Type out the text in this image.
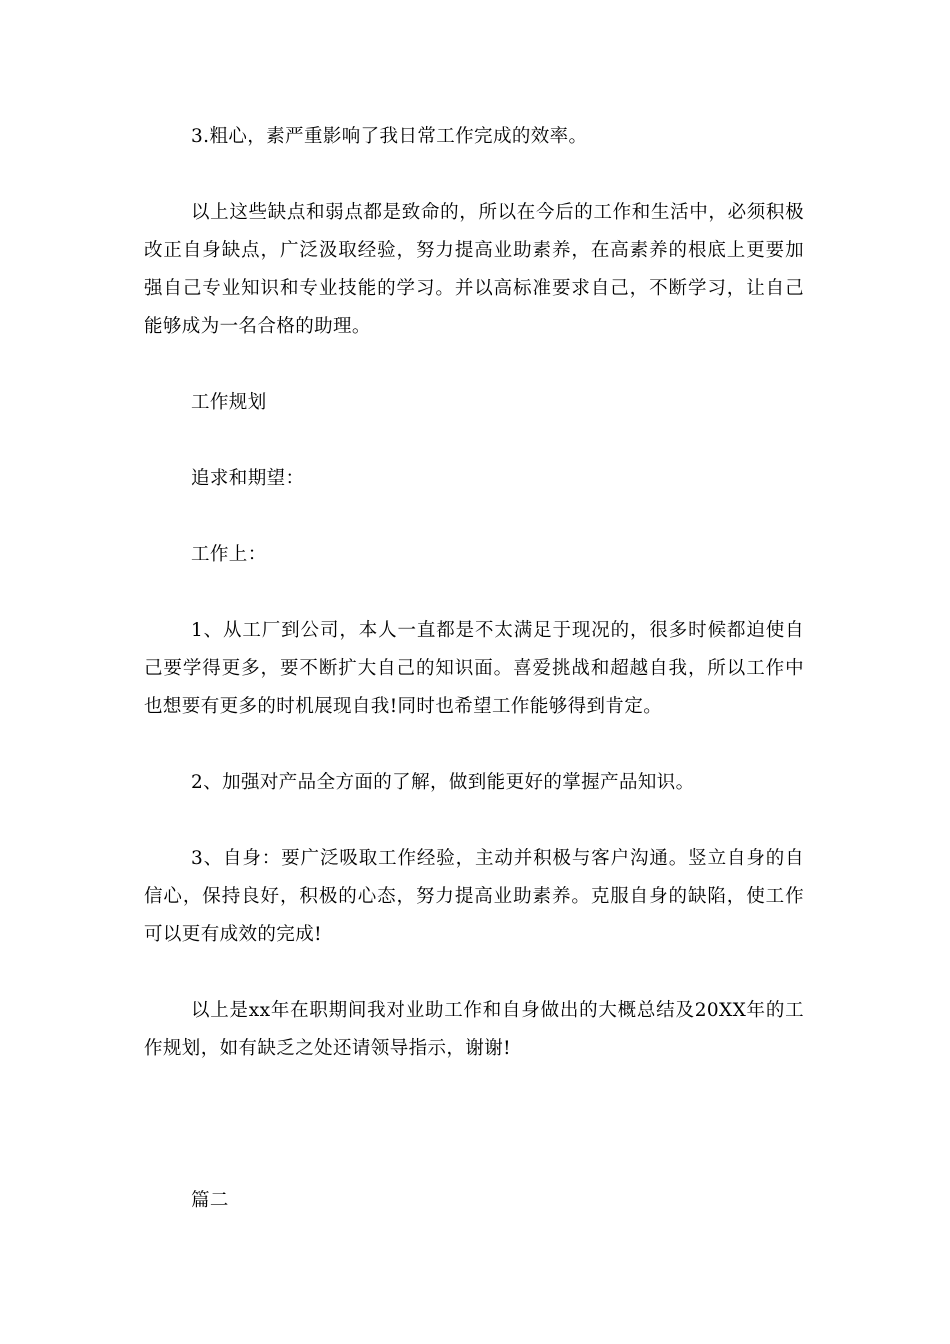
3.粗心，素严重影响了我日常工作完成的效率。

以上这些缺点和弱点都是致命的，所以在今后的工作和生活中，必须积极改正自身缺点，广泛汲取经验，努力提高业助素养，在高素养的根底上更要加强自己专业知识和专业技能的学习。并以高标准要求自己，不断学习，让自己能够成为一名合格的助理。

工作规划

追求和期望：

工作上：

1、从工厂到公司，本人一直都是不太满足于现况的，很多时候都迫使自己要学得更多，要不断扩大自己的知识面。喜爱挑战和超越自我，所以工作中也想要有更多的时机展现自我!同时也希望工作能够得到肯定。

2、加强对产品全方面的了解，做到能更好的掌握产品知识。

3、自身：要广泛吸取工作经验，主动并积极与客户沟通。竖立自身的自信心，保持良好，积极的心态，努力提高业助素养。克服自身的缺陷，使工作可以更有成效的完成!

以上是xx年在职期间我对业助工作和自身做出的大概总结及20XX年的工作规划，如有缺乏之处还请领导指示，谢谢!

篇二
